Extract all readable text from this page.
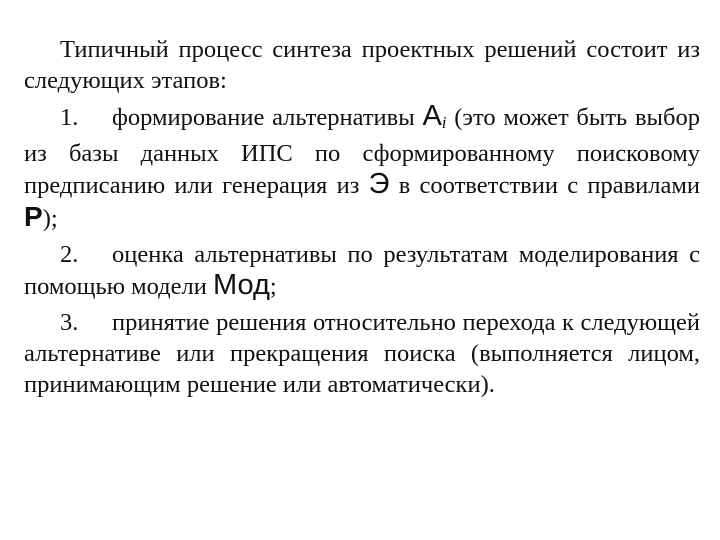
Типичный процесс синтеза проектных решений состоит из следующих этапов:

1. формирование альтернативы Ai (это может быть выбор из базы данных ИПС по сформированному поисковому предписанию или генерация из Э в соответствии с правилами P);

2. оценка альтернативы по результатам моделирования с помощью модели Мод;

3. принятие решения относительно перехода к следующей альтернативе или прекращения поиска (выполняется лицом, принимающим решение или автоматически).
